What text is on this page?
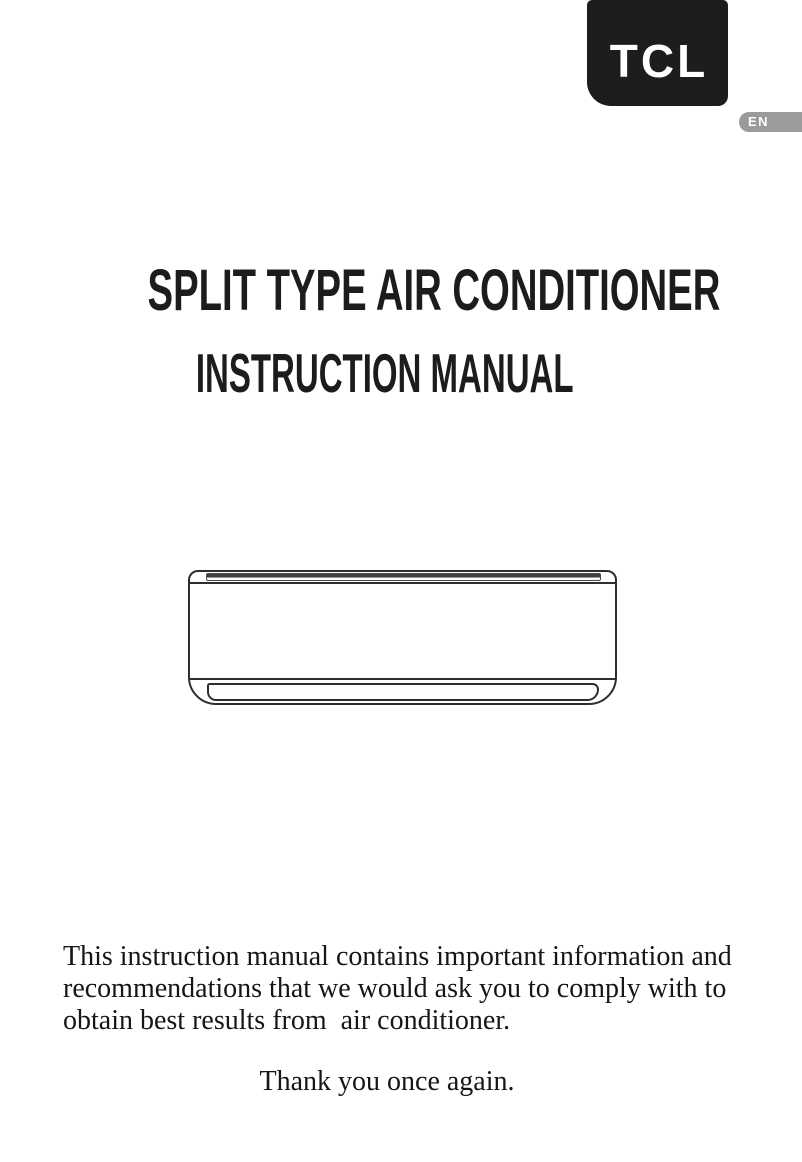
TCL
EN
SPLIT TYPE AIR CONDITIONER
INSTRUCTION MANUAL
This instruction manual contains important information and
recommendations that we would ask you to comply with to
obtain best results from  air conditioner.
Thank you once again.
